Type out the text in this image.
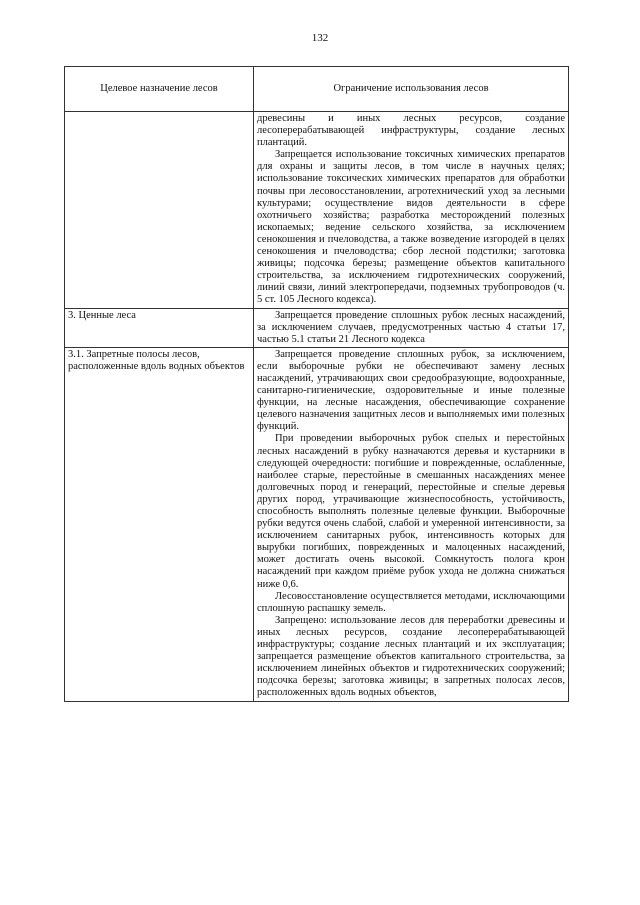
132
Целевое назначение лесов	Ограничение использования лесов

	древесины и иных лесных ресурсов, создание лесоперерабатывающей инфраструктуры, создание лесных плантаций.

Запрещается использование токсичных химических препаратов для охраны и защиты лесов, в том числе в научных целях; использование токсических химических препаратов для обработки почвы при лесовосстановлении, агротехнический уход за лесными культурами; осуществление видов деятельности в сфере охотничьего хозяйства; разработка месторождений полезных ископаемых; ведение сельского хозяйства, за исключением сенокошения и пчеловодства, а также возведение изгородей в целях сенокошения и пчеловодства; сбор лесной подстилки; заготовка живицы; подсочка березы; размещение объектов капитального строительства, за исключением гидротехнических сооружений, линий связи, линий электропередачи, подземных трубопроводов (ч. 5 ст. 105 Лесного кодекса).

3. Ценные леса	Запрещается проведение сплошных рубок лесных насаждений, за исключением случаев, предусмотренных частью 4 статьи 17, частью 5.1 статьи 21 Лесного кодекса

3.1. Запретные полосы лесов, расположенные вдоль водных объектов	Запрещается проведение сплошных рубок, за исключением, если выборочные рубки не обеспечивают замену лесных насаждений, утрачивающих свои средообразующие, водоохранные, санитарно-гигиенические, оздоровительные и иные полезные функции, на лесные насаждения, обеспечивающие сохранение целевого назначения защитных лесов и выполняемых ими полезных функций.

При проведении выборочных рубок спелых и перестойных лесных насаждений в рубку назначаются деревья и кустарники в следующей очередности: погибшие и поврежденные, ослабленные, наиболее старые, перестойные в смешанных насаждениях менее долговечных пород и генераций, перестойные и спелые деревья других пород, утрачивающие жизнеспособность, устойчивость, способность выполнять полезные целевые функции. Выборочные рубки ведутся очень слабой, слабой и умеренной интенсивности, за исключением санитарных рубок, интенсивность которых для вырубки погибших, поврежденных и малоценных насаждений, может достигать очень высокой. Сомкнутость полога крон насаждений при каждом приёме рубок ухода не должна снижаться ниже 0,6.

Лесовосстановление осуществляется методами, исключающими сплошную распашку земель.

Запрещено: использование лесов для переработки древесины и иных лесных ресурсов, создание лесоперерабатывающей инфраструктуры; создание лесных плантаций и их эксплуатация; запрещается размещение объектов капитального строительства, за исключением линейных объектов и гидротехнических сооружений; подсочка березы; заготовка живицы; в запретных полосах лесов, расположенных вдоль водных объектов,
